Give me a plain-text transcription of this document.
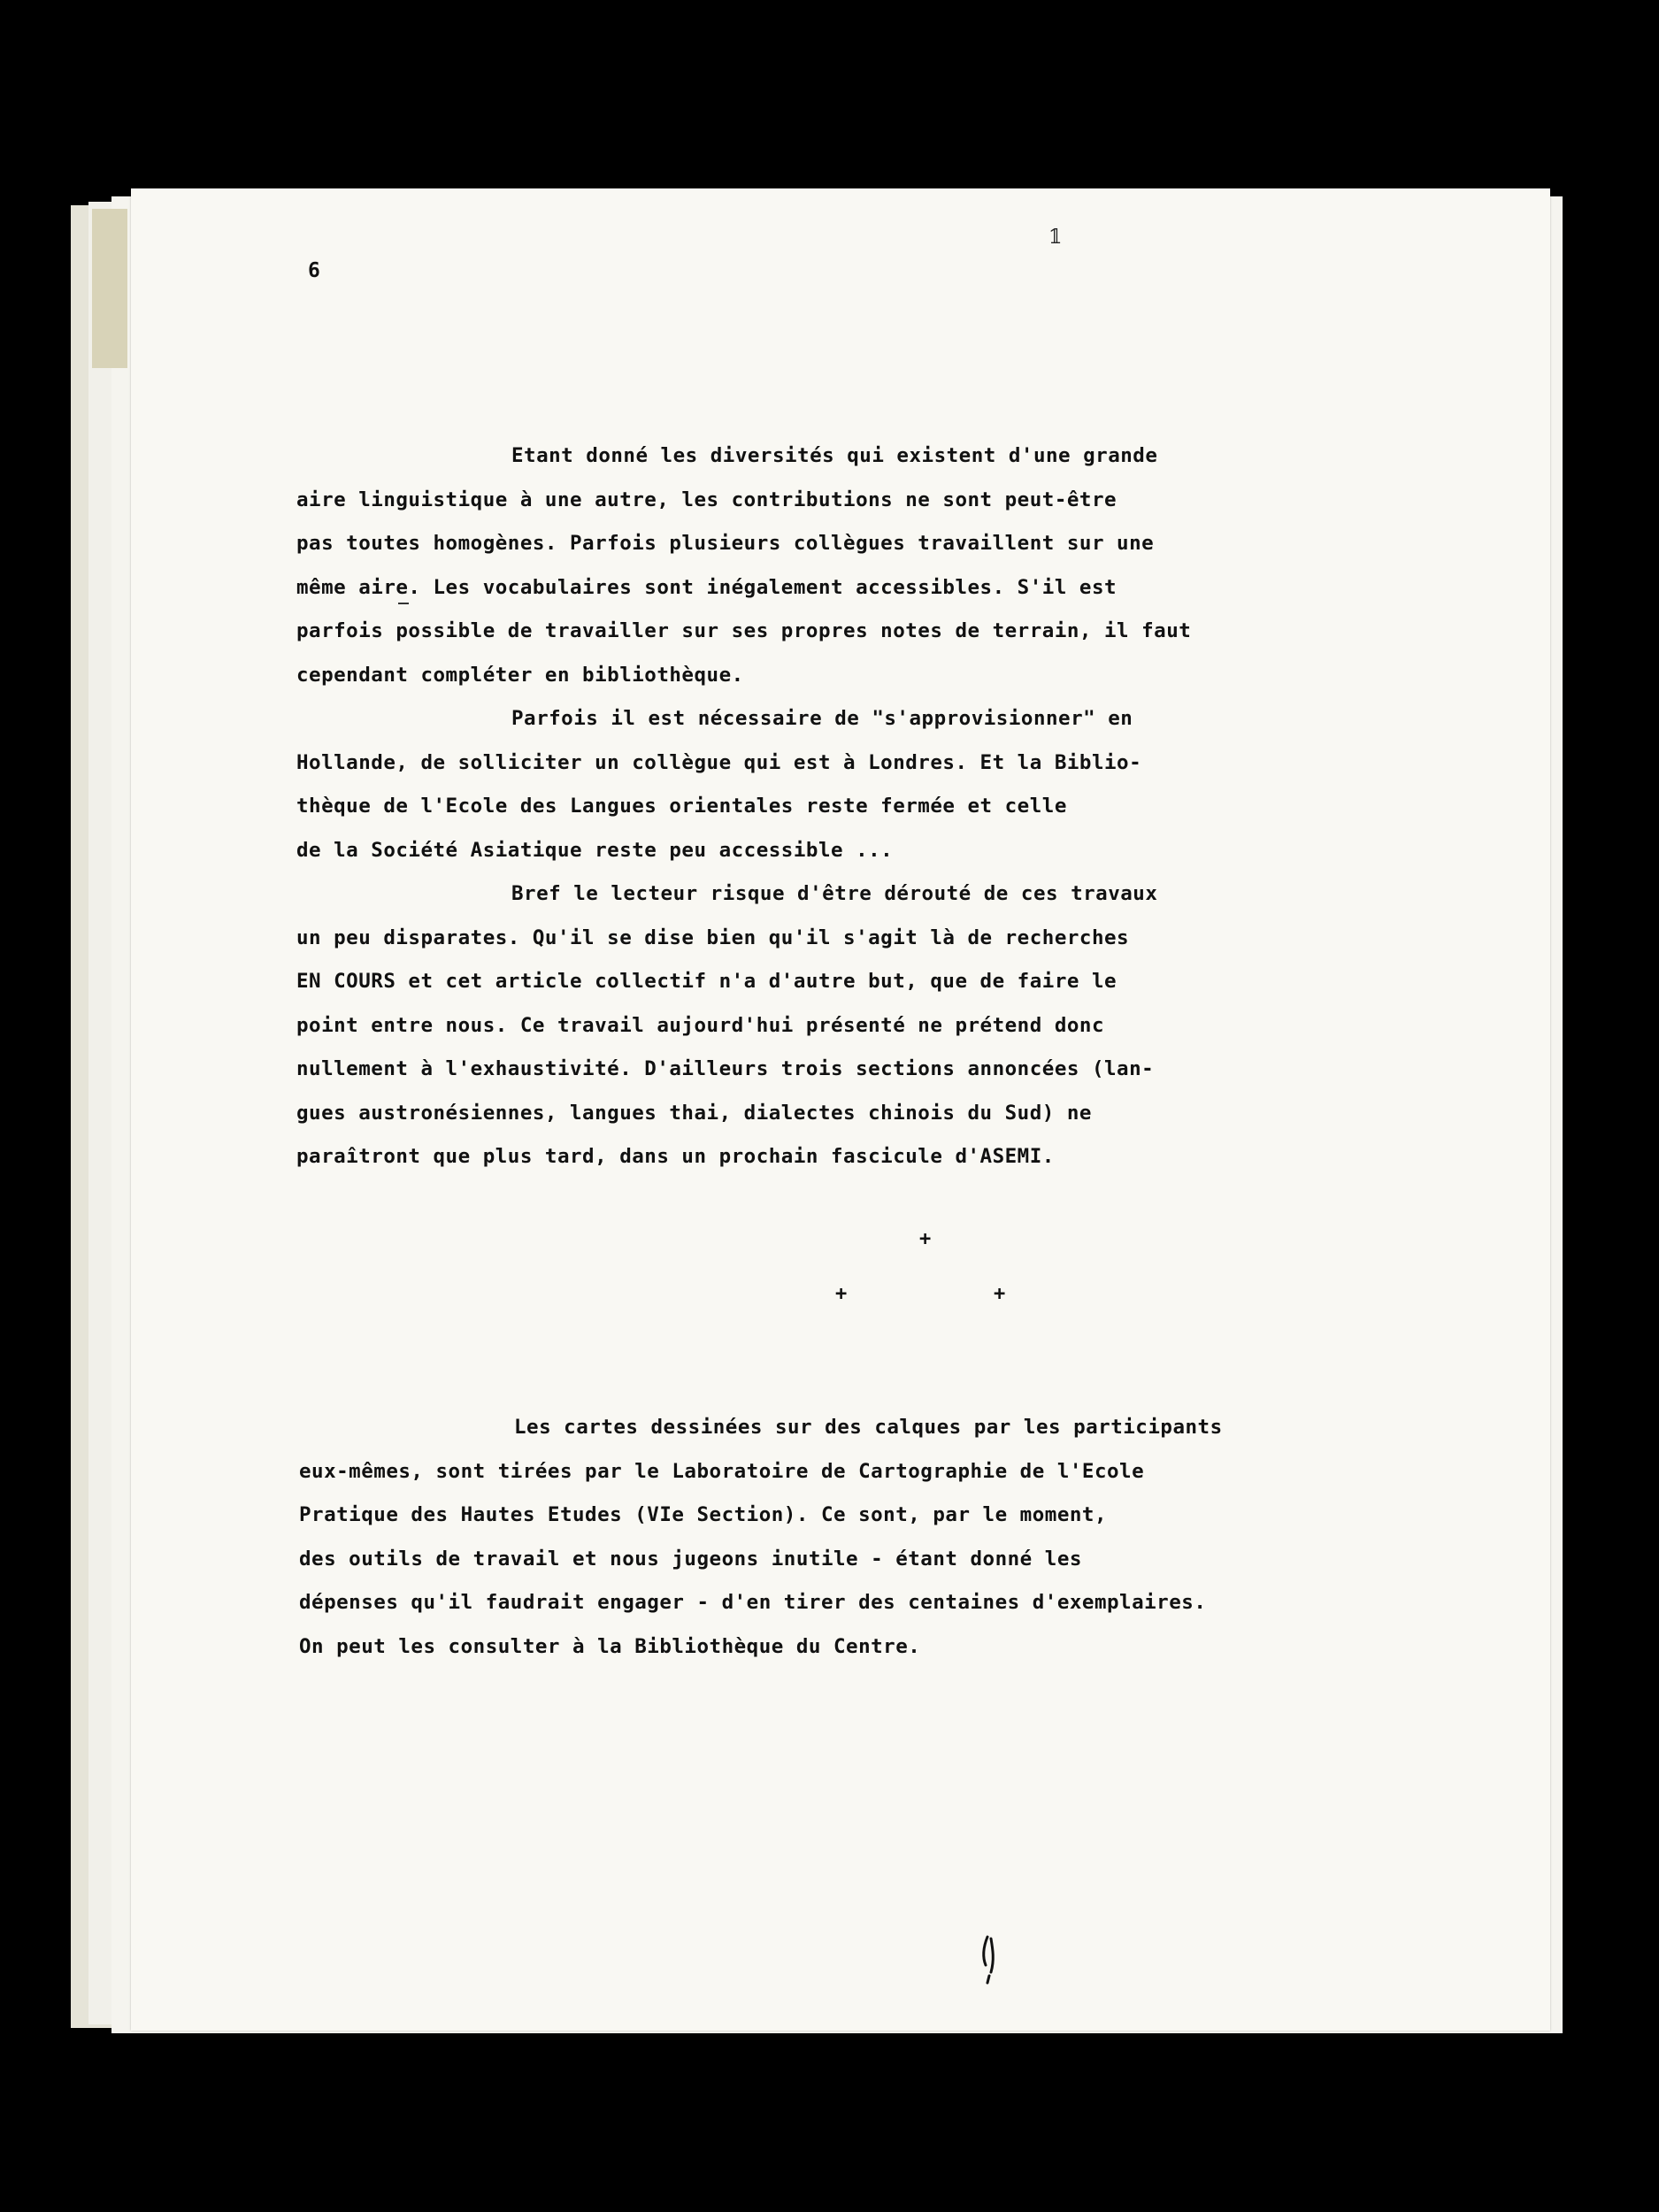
6
𝟙
Etant donné les diversités qui existent d'une grande
aire linguistique à une autre, les contributions ne sont peut-être
pas toutes homogènes. Parfois plusieurs collègues travaillent sur une
même aire. Les vocabulaires sont inégalement accessibles. S'il est
parfois possible de travailler sur ses propres notes de terrain, il faut
cependant compléter en bibliothèque.
Parfois il est nécessaire de "s'approvisionner" en
Hollande, de solliciter un collègue qui est à Londres. Et la Biblio-
thèque de l'Ecole des Langues orientales reste fermée et celle
de la Société Asiatique reste peu accessible ...
Bref le lecteur risque d'être dérouté de ces travaux
un peu disparates. Qu'il se dise bien qu'il s'agit là de recherches
EN COURS et cet article collectif n'a d'autre but, que de faire le
point entre nous. Ce travail aujourd'hui présenté ne prétend donc
nullement à l'exhaustivité. D'ailleurs trois sections annoncées (lan-
gues austronésiennes, langues thai, dialectes chinois du Sud) ne
paraîtront que plus tard, dans un prochain fascicule d'ASEMI.
+
+	+
Les cartes dessinées sur des calques par les participants
eux-mêmes, sont tirées par le Laboratoire de Cartographie de l'Ecole
Pratique des Hautes Etudes (VIe Section). Ce sont, par le moment,
des outils de travail et nous jugeons inutile - étant donné les
dépenses qu'il faudrait engager - d'en tirer des centaines d'exemplaires.
On peut les consulter à la Bibliothèque du Centre.
